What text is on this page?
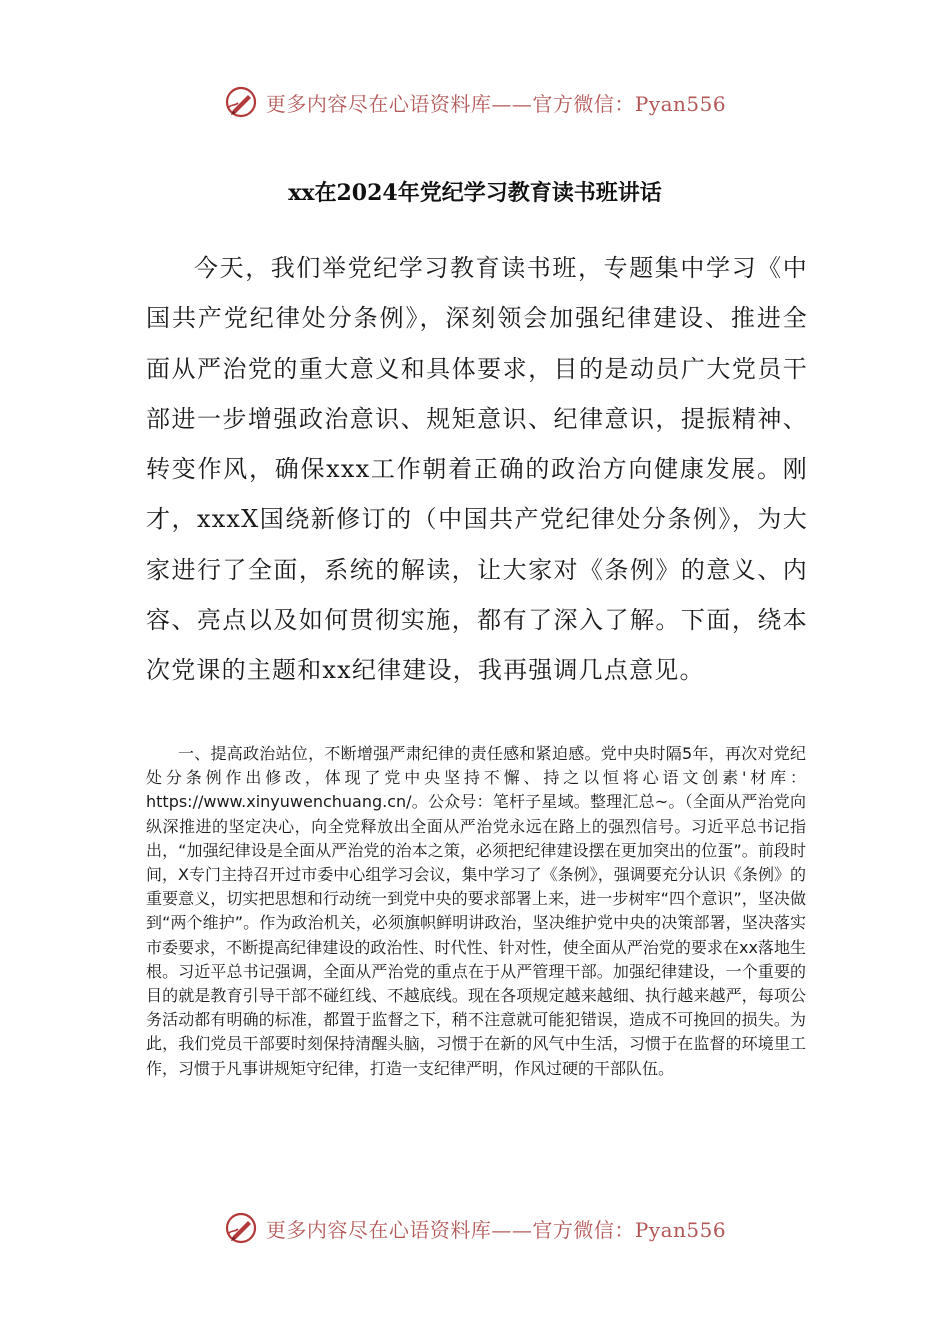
更多内容尽在心语资料库——官方微信：Pyan556
xx在2024年党纪学习教育读书班讲话

今天，我们举党纪学习教育读书班，专题集中学习《中国共产党纪律处分条例》，深刻领会加强纪律建设、推进全面从严治党的重大意义和具体要求，目的是动员广大党员干部进一步增强政治意识、规矩意识、纪律意识，提振精神、转变作风，确保xxx工作朝着正确的政治方向健康发展。刚才，xxxX国绕新修订的（中国共产党纪律处分条例》，为大家进行了全面，系统的解读，让大家对《条例》的意义、内容、亮点以及如何贯彻实施，都有了深入了解。下面，绕本次党课的主题和xx纪律建设，我再强调几点意见。

一、提高政治站位，不断增强严肃纪律的责任感和紧迫感。党中央时隔5年，再次对党纪处分条例作出修改，体现了党中央坚持不懈、持之以恒将心语文创素'材库：https://www.xinyuwenchuang.cn/。公众号：笔杆子星域。整理汇总~。（全面从严治党向纵深推进的坚定决心，向全党释放出全面从严治党永远在路上的强烈信号。习近平总书记指出，“加强纪律设是全面从严治党的治本之策，必须把纪律建设摆在更加突出的位蛋”。前段时间，X专门主持召开过市委中心组学习会议，集中学习了《条例》，强调要充分认识《条例》的重要意义，切实把思想和行动统一到党中央的要求部署上来，进一步树牢“四个意识”，坚决做到“两个维护”。作为政治机关，必须旗帜鲜明讲政治，坚决维护党中央的决策部署，坚决落实市委要求，不断提高纪律建设的政治性、时代性、针对性，使全面从严治党的要求在xx落地生根。习近平总书记强调，全面从严治党的重点在于从严管理干部。加强纪律建设，一个重要的目的就是教育引导干部不碰红线、不越底线。现在各项规定越来越细、执行越来越严，每项公务活动都有明确的标准，都置于监督之下，稍不注意就可能犯错误，造成不可挽回的损失。为此，我们党员干部要时刻保持清醒头脑，习惯于在新的风气中生活，习惯于在监督的环境里工作，习惯于凡事讲规矩守纪律，打造一支纪律严明，作风过硬的干部队伍。

更多内容尽在心语资料库——官方微信：Pyan556
